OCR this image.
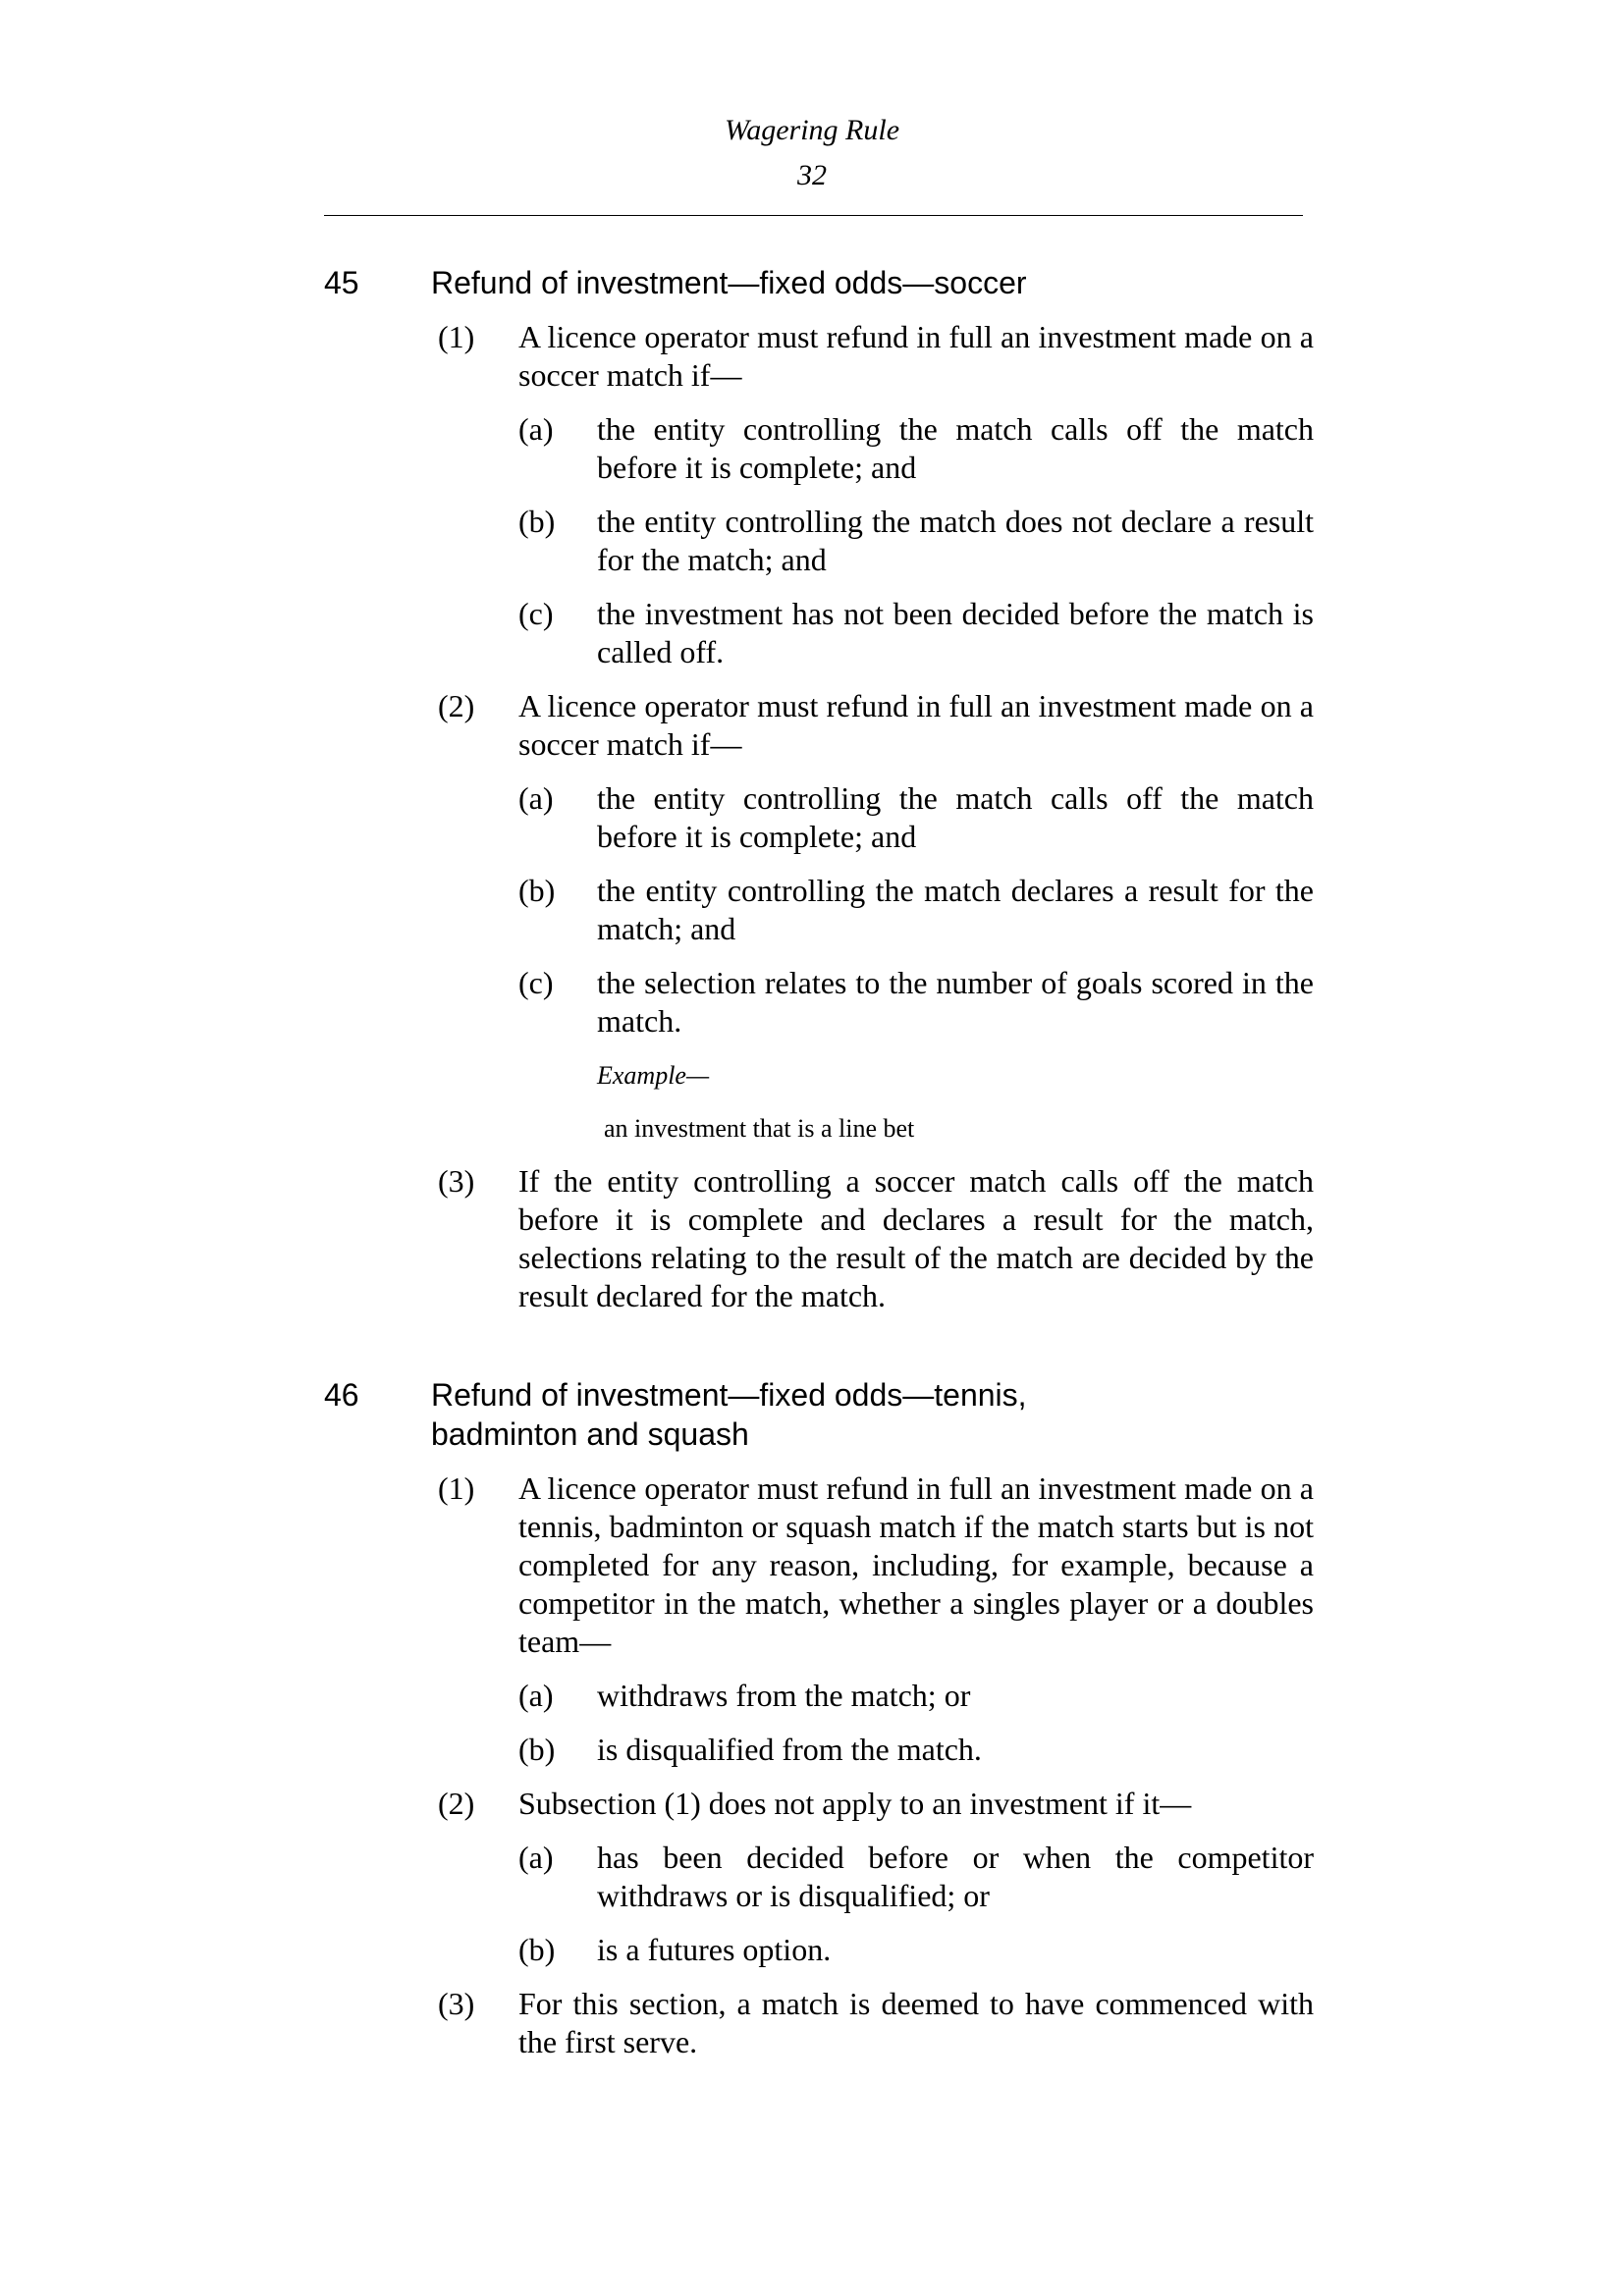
Wagering Rule
32
45 Refund of investment—fixed odds—soccer
(1) A licence operator must refund in full an investment made on a soccer match if—
(a) the entity controlling the match calls off the match before it is complete; and
(b) the entity controlling the match does not declare a result for the match; and
(c) the investment has not been decided before the match is called off.
(2) A licence operator must refund in full an investment made on a soccer match if—
(a) the entity controlling the match calls off the match before it is complete; and
(b) the entity controlling the match declares a result for the match; and
(c) the selection relates to the number of goals scored in the match.
Example—
an investment that is a line bet
(3) If the entity controlling a soccer match calls off the match before it is complete and declares a result for the match, selections relating to the result of the match are decided by the result declared for the match.
46 Refund of investment—fixed odds—tennis, badminton and squash
(1) A licence operator must refund in full an investment made on a tennis, badminton or squash match if the match starts but is not completed for any reason, including, for example, because a competitor in the match, whether a singles player or a doubles team—
(a) withdraws from the match; or
(b) is disqualified from the match.
(2) Subsection (1) does not apply to an investment if it—
(a) has been decided before or when the competitor withdraws or is disqualified; or
(b) is a futures option.
(3) For this section, a match is deemed to have commenced with the first serve.
